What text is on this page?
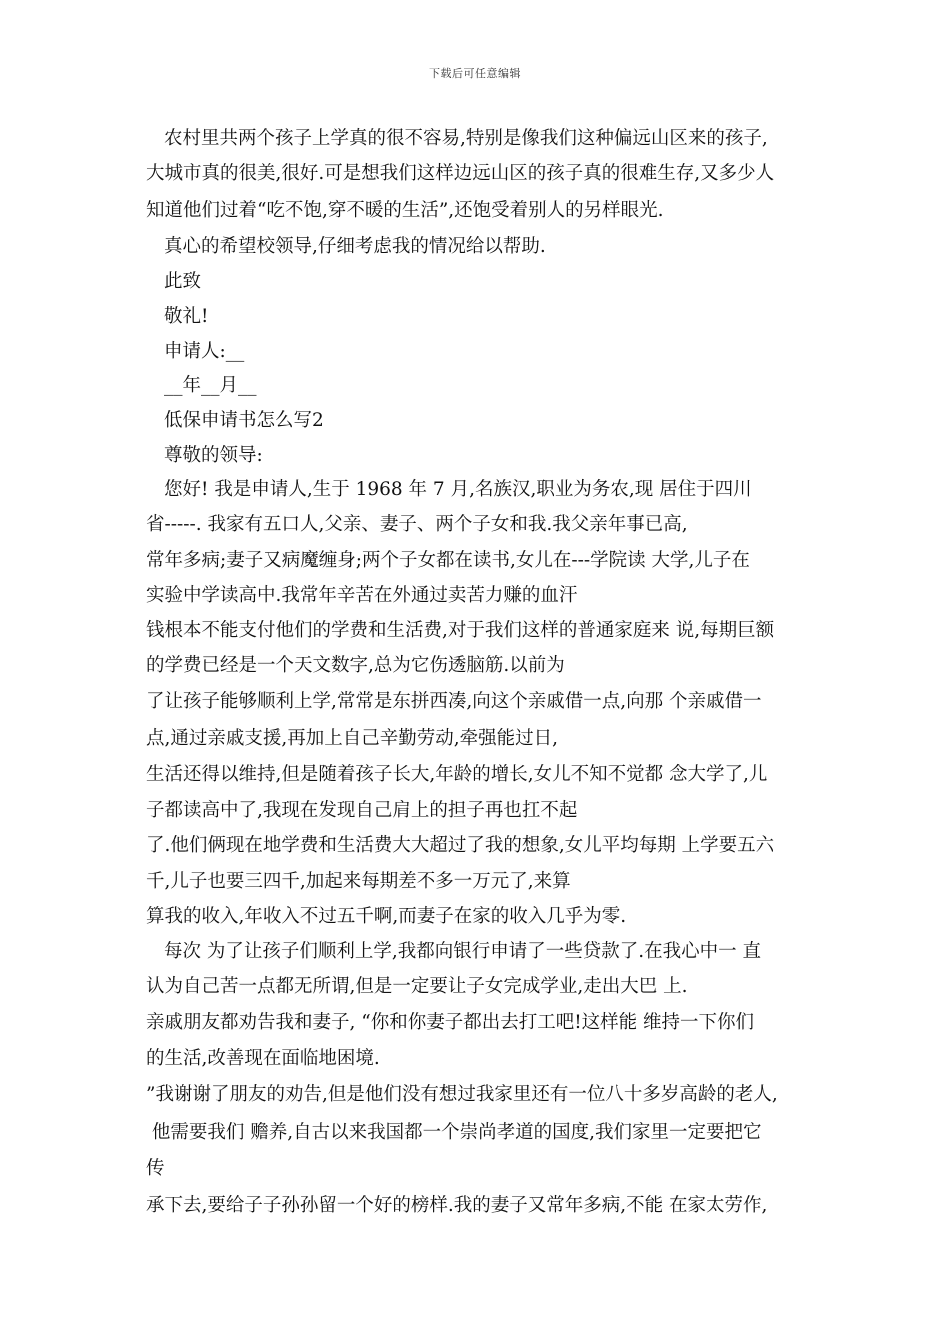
下载后可任意编辑
农村里共两个孩子上学真的很不容易,特别是像我们这种偏远山区来的孩子,
大城市真的很美,很好.可是想我们这样边远山区的孩子真的很难生存,又多少人
知道他们过着“吃不饱,穿不暖的生活”,还饱受着别人的另样眼光.
真心的希望校领导,仔细考虑我的情况给以帮助.
此致
敬礼!
申请人:__
__年__月__
低保申请书怎么写2
尊敬的领导:
您好! 我是申请人,生于 1968 年 7 月,名族汉,职业为务农,现 居住于四川
省-----. 我家有五口人,父亲、妻子、两个子女和我.我父亲年事已高,
常年多病;妻子又病魔缠身;两个子女都在读书,女儿在---学院读 大学,儿子在
实验中学读高中.我常年辛苦在外通过卖苦力赚的血汗
钱根本不能支付他们的学费和生活费,对于我们这样的普通家庭来 说,每期巨额
的学费已经是一个天文数字,总为它伤透脑筋.以前为
了让孩子能够顺利上学,常常是东拼西凑,向这个亲戚借一点,向那 个亲戚借一
点,通过亲戚支援,再加上自己辛勤劳动,牵强能过日,
生活还得以维持,但是随着孩子长大,年龄的增长,女儿不知不觉都 念大学了,儿
子都读高中了,我现在发现自己肩上的担子再也扛不起
了.他们俩现在地学费和生活费大大超过了我的想象,女儿平均每期 上学要五六
千,儿子也要三四千,加起来每期差不多一万元了,来算
算我的收入,年收入不过五千啊,而妻子在家的收入几乎为零.
每次 为了让孩子们顺利上学,我都向银行申请了一些贷款了.在我心中一 直
认为自己苦一点都无所谓,但是一定要让子女完成学业,走出大巴 上.
亲戚朋友都劝告我和妻子, “你和你妻子都出去打工吧!这样能 维持一下你们
的生活,改善现在面临地困境.
”我谢谢了朋友的劝告,但是他们没有想过我家里还有一位八十多岁高龄的老人,
他需要我们 赡养,自古以来我国都一个崇尚孝道的国度,我们家里一定要把它
传
承下去,要给子子孙孙留一个好的榜样.我的妻子又常年多病,不能 在家太劳作,
